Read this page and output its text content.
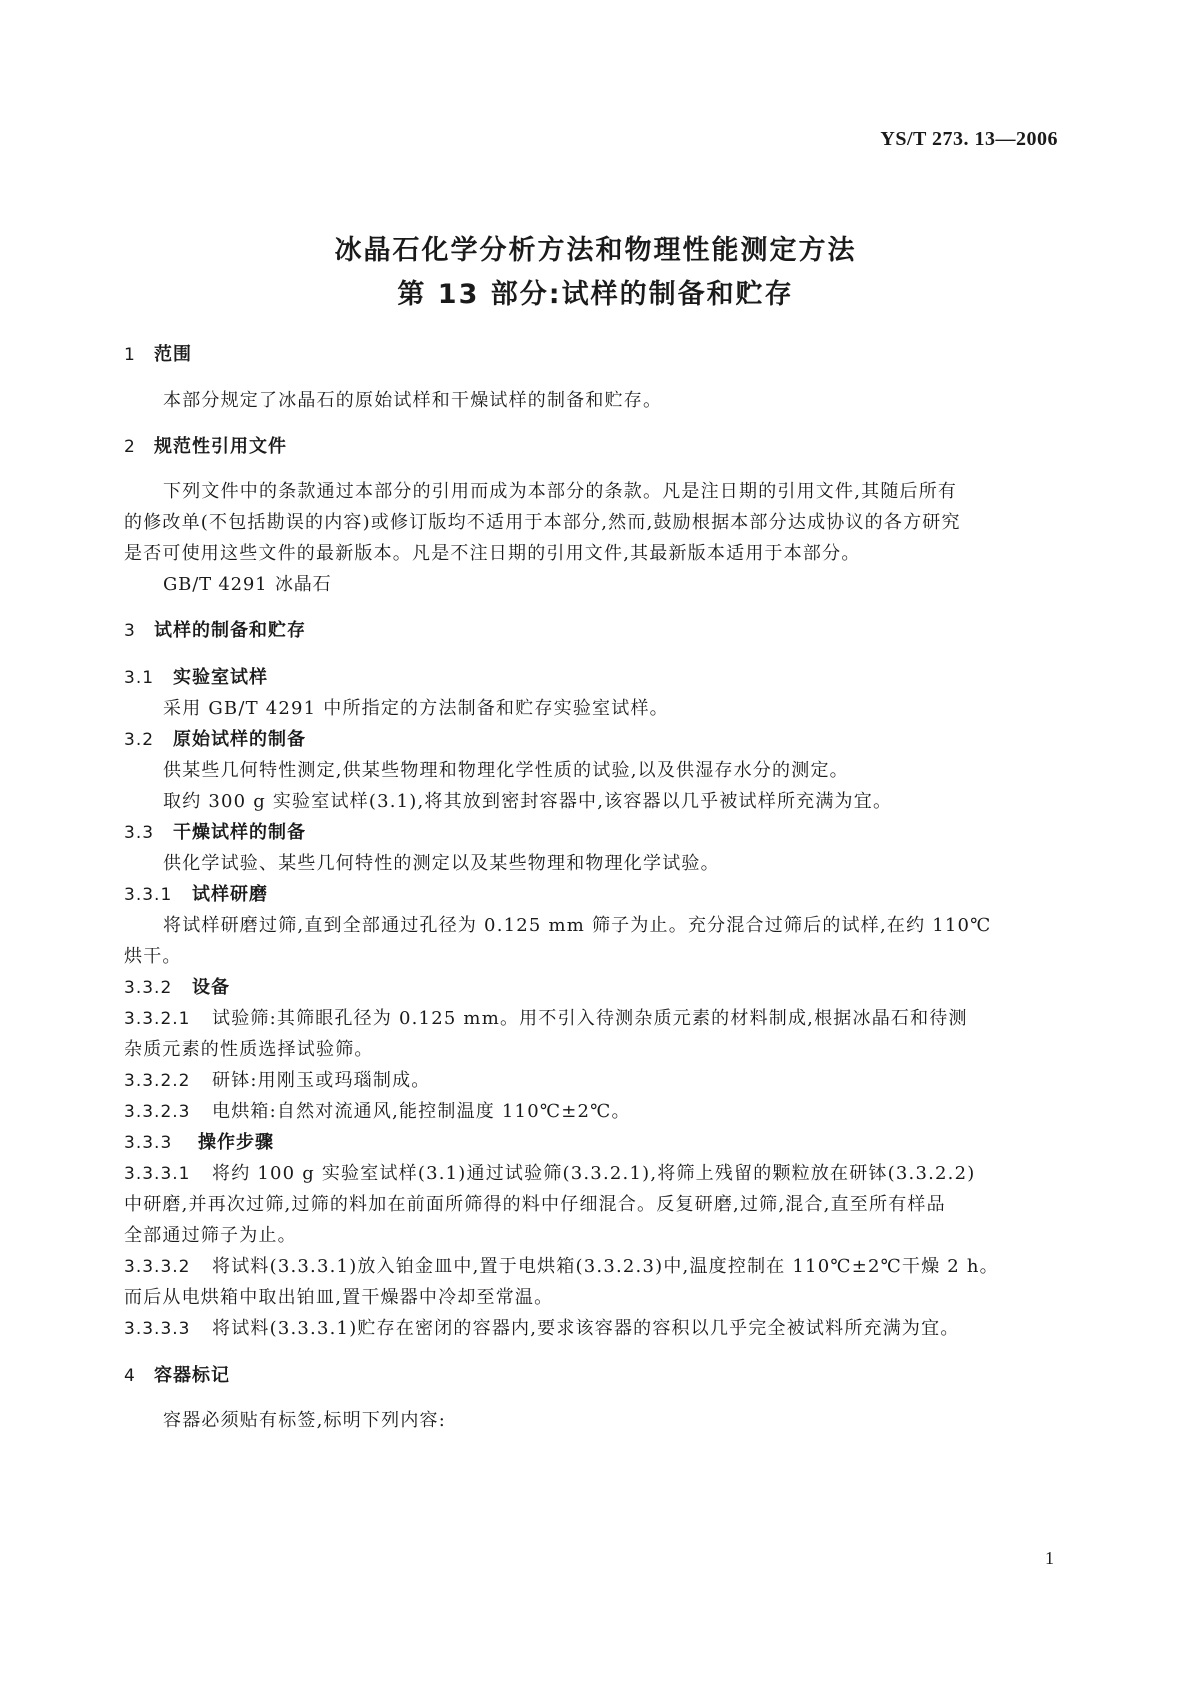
YS/T 273. 13—2006
冰晶石化学分析方法和物理性能测定方法
第 13 部分:试样的制备和贮存
1 范围
本部分规定了冰晶石的原始试样和干燥试样的制备和贮存。
2 规范性引用文件
下列文件中的条款通过本部分的引用而成为本部分的条款。凡是注日期的引用文件,其随后所有
的修改单(不包括勘误的内容)或修订版均不适用于本部分,然而,鼓励根据本部分达成协议的各方研究
是否可使用这些文件的最新版本。凡是不注日期的引用文件,其最新版本适用于本部分。
GB/T 4291 冰晶石
3 试样的制备和贮存
3.1 实验室试样
采用 GB/T 4291 中所指定的方法制备和贮存实验室试样。
3.2 原始试样的制备
供某些几何特性测定,供某些物理和物理化学性质的试验,以及供湿存水分的测定。
取约 300 g 实验室试样(3.1),将其放到密封容器中,该容器以几乎被试样所充满为宜。
3.3 干燥试样的制备
供化学试验、某些几何特性的测定以及某些物理和物理化学试验。
3.3.1 试样研磨
将试样研磨过筛,直到全部通过孔径为 0.125 mm 筛子为止。充分混合过筛后的试样,在约 110℃
烘干。
3.3.2 设备
3.3.2.1 试验筛:其筛眼孔径为 0.125 mm。用不引入待测杂质元素的材料制成,根据冰晶石和待测
杂质元素的性质选择试验筛。
3.3.2.2 研钵:用刚玉或玛瑙制成。
3.3.2.3 电烘箱:自然对流通风,能控制温度 110℃±2℃。
3.3.3 操作步骤
3.3.3.1 将约 100 g 实验室试样(3.1)通过试验筛(3.3.2.1),将筛上残留的颗粒放在研钵(3.3.2.2)
中研磨,并再次过筛,过筛的料加在前面所筛得的料中仔细混合。反复研磨,过筛,混合,直至所有样品
全部通过筛子为止。
3.3.3.2 将试料(3.3.3.1)放入铂金皿中,置于电烘箱(3.3.2.3)中,温度控制在 110℃±2℃干燥 2 h。
而后从电烘箱中取出铂皿,置干燥器中冷却至常温。
3.3.3.3 将试料(3.3.3.1)贮存在密闭的容器内,要求该容器的容积以几乎完全被试料所充满为宜。
4 容器标记
容器必须贴有标签,标明下列内容:
1
